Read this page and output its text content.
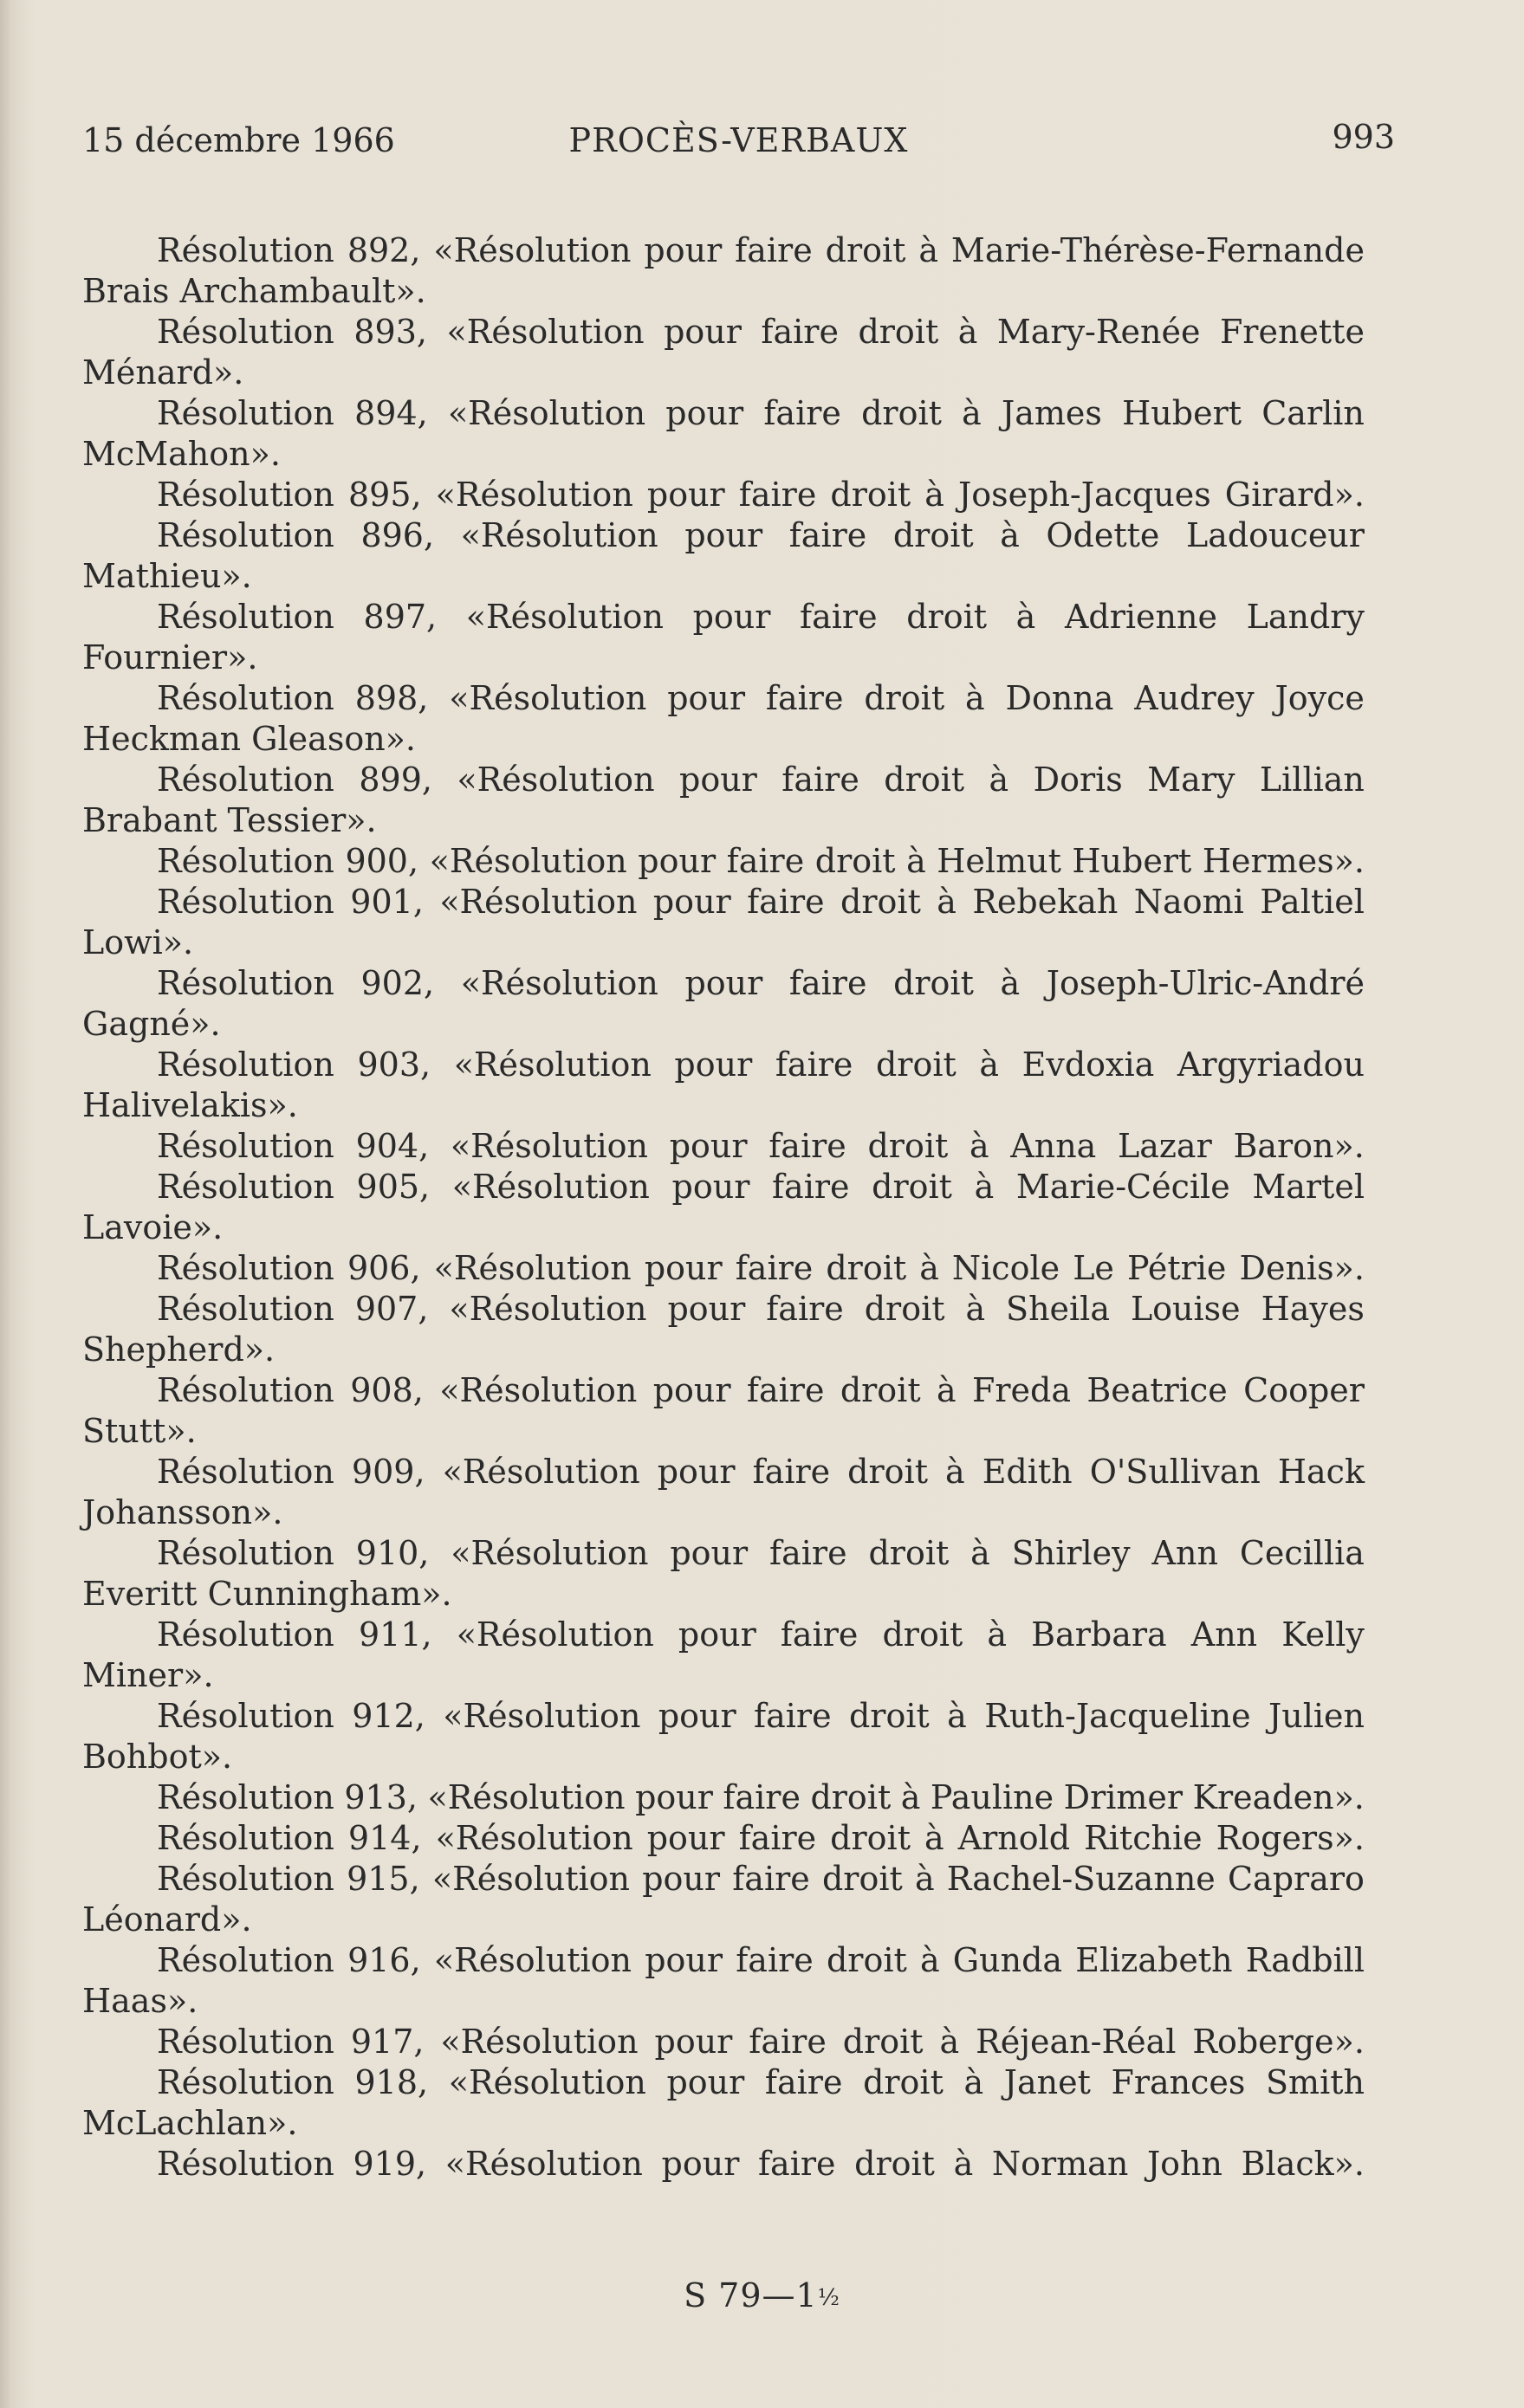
15 décembre 1966	PROCÈS-VERBAUX	993
Résolution 892, «Résolution pour faire droit à Marie-Thérèse-Fernande
Brais Archambault».
Résolution 893, «Résolution pour faire droit à Mary-Renée Frenette
Ménard».
Résolution 894, «Résolution pour faire droit à James Hubert Carlin
McMahon».
Résolution 895, «Résolution pour faire droit à Joseph-Jacques Girard».
Résolution 896, «Résolution pour faire droit à Odette Ladouceur
Mathieu».
Résolution 897, «Résolution pour faire droit à Adrienne Landry
Fournier».
Résolution 898, «Résolution pour faire droit à Donna Audrey Joyce
Heckman Gleason».
Résolution 899, «Résolution pour faire droit à Doris Mary Lillian
Brabant Tessier».
Résolution 900, «Résolution pour faire droit à Helmut Hubert Hermes».
Résolution 901, «Résolution pour faire droit à Rebekah Naomi Paltiel
Lowi».
Résolution 902, «Résolution pour faire droit à Joseph-Ulric-André
Gagné».
Résolution 903, «Résolution pour faire droit à Evdoxia Argyriadou
Halivelakis».
Résolution 904, «Résolution pour faire droit à Anna Lazar Baron».
Résolution 905, «Résolution pour faire droit à Marie-Cécile Martel
Lavoie».
Résolution 906, «Résolution pour faire droit à Nicole Le Pétrie Denis».
Résolution 907, «Résolution pour faire droit à Sheila Louise Hayes
Shepherd».
Résolution 908, «Résolution pour faire droit à Freda Beatrice Cooper
Stutt».
Résolution 909, «Résolution pour faire droit à Edith O'Sullivan Hack
Johansson».
Résolution 910, «Résolution pour faire droit à Shirley Ann Cecillia
Everitt Cunningham».
Résolution 911, «Résolution pour faire droit à Barbara Ann Kelly
Miner».
Résolution 912, «Résolution pour faire droit à Ruth-Jacqueline Julien
Bohbot».
Résolution 913, «Résolution pour faire droit à Pauline Drimer Kreaden».
Résolution 914, «Résolution pour faire droit à Arnold Ritchie Rogers».
Résolution 915, «Résolution pour faire droit à Rachel-Suzanne Capraro
Léonard».
Résolution 916, «Résolution pour faire droit à Gunda Elizabeth Radbill
Haas».
Résolution 917, «Résolution pour faire droit à Réjean-Réal Roberge».
Résolution 918, «Résolution pour faire droit à Janet Frances Smith
McLachlan».
Résolution 919, «Résolution pour faire droit à Norman John Black».
S 79—1½
